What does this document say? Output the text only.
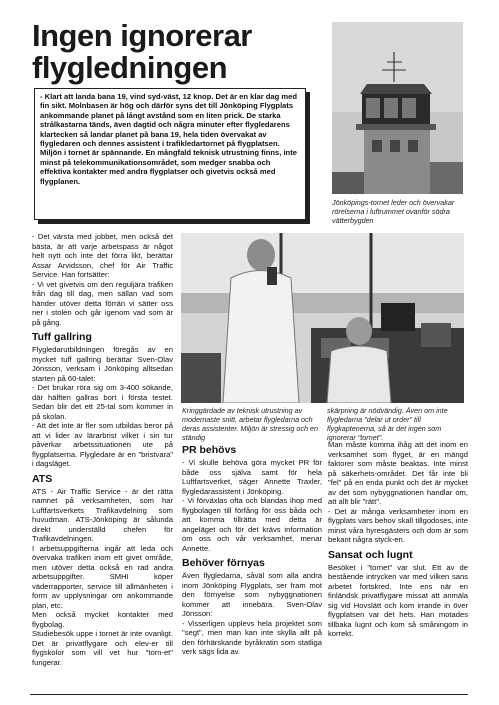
Ingen ignorerar flygledningen

- Klart att landa bana 19, vind syd-väst, 12 knop. Det är en klar dag med fin sikt. Molnbasen är hög och därför syns det till Jönköping Flygplats ankommande planet på långt avstånd som en liten prick. De starka strålkastarna tänds, även dagtid och några minuter efter flygledarens klartecken så landar planet på bana 19, hela tiden övervakat av flygledaren och dennes assistent i trafikledartornet på flygplatsen. Miljön i tornet är spännande. En mångfald teknisk utrustning finns, inte minst på telekommunikationsområdet, som medger snabba och effektiva kontakter med andra flygplatser och givetvis också med flygplanen.

Jönköpings-tornet leder och övervakar rörelserna i luftrummet ovanför södra vätterbygden
Kringgärdade av teknisk utrustning av modernaste snitt, arbetar flygledarna och deras assistenter. Miljön är stressig och en ständig
skärpning är nödvändig. Även om inte flygledarna "delar ut order" till flygkaptenerna, så är det ingen som ignorerar "tornet".

- Det värsta med jobbet, men också det bästa, är att varje arbetspass är något helt nytt och inte det förra likt, berättar Assar Arvidsson, chef för Air Traffic Service. Han fortsätter:

- Vi vet givetvis om den reguljära trafiken från dag till dag, men sällan vad som händer utöver detta förrän vi sätter oss ner i stolen och går igenom vad som är på gång.

Tuff gallring

Flygledarutbildningen föregås av en mycket tuff gallring berättar Sven-Olav Jönsson, verksam i Jönköping alltsedan starten på 60-talet:

- Det brukar röra sig om 3-400 sökande, där hälften gallras bort i första testet. Sedan blir det ett 25-tal som kommer in på skolan.

- Att det inte är fler som utbildas beror på att vi lider av lärarbrist vilket i sin tur påverkar arbetssituationen ute på flygplatserna. Flygledare är en "bristvara" i dagsläget.

ATS

ATS - Air Traffic Service - är det rätta namnet på verksamheten, som har Luftfartsverkets Trafikavdelning som huvudman. ATS-Jönköping är sålunda direkt underställd chefen för Trafikavdelningen.

I arbetsuppgifterna ingår att leda och övervaka trafiken inom ett givet område, men utöver detta också en rad andra arbetsuppgifter. SMHI köper väderrapporter, service till allmänheten i form av upplysningar om ankommande plan, etc.

Men också mycket kontakter med flygbolag.

Studiebesök uppe i tornet är inte ovanligt. Det är privatflygare och elev-er till flygskolor som vill vet hur "torn-et" fungerar.

PR behövs

- Vi skulle behöva göra mycket PR för både oss själva samt för hela Luftfartsverket, säger Annette Traxler, flygledarassistent i Jönköping.

- Vi förväxlas ofta och blandas ihop med flygbolagen till förfång för oss båda och att komma tillrätta med detta är angeläget och för det krävs information om oss och vår verksamhet, menar Annette.

Behöver förnyas

Även flygledarna, såväl som alla andra inom Jönköping Flygplats, ser fram mot den förnyelse som nybyggnationen kommer att innebära. Sven-Olav Jönsson:

- Visserligen upplevs hela projektet som "segt", men man kan inte skylla allt på den förhärskande byråkratin som statliga verk sägs lida av.

Man måste komma ihåg att det inom en verksamhet som flyget, är en mängd faktorer som måste beaktas. Inte minst på säkerhets-området. Det får inte bli "fel" på en enda punkt och det är mycket av det som nybyggnationen handlar om, att allt blir "rätt".

- Det är många verksamheter inom en flygplats vars behov skall tillgodoses, inte minst våra hyresgästers och dom är som bekant några styck-en.

Sansat och lugnt

Besöket i "tornet" var slut. Ett av de bestående intrycken var med vilken sans arbetet fortskred. Inte ens när en finländsk privatflygare missat att anmäla sig vid Hovslätt och kom irrande in över flygplatsen var det hets. Han motades tillbaka lugnt och kom så småningom in korrekt.
